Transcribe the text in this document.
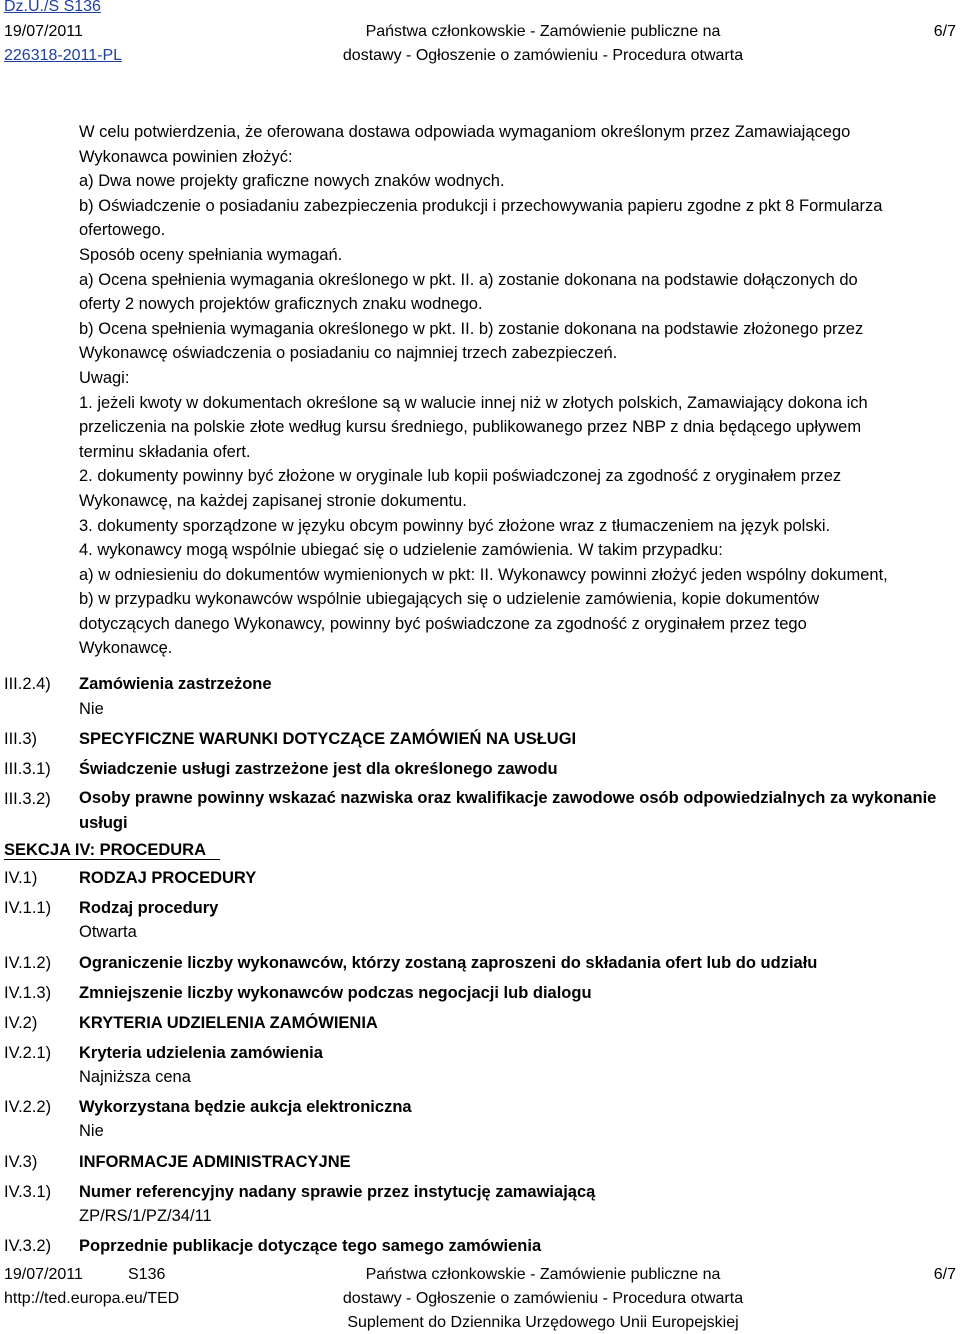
Dz.U./S S136
19/07/2011
226318-2011-PL
Państwa członkowskie - Zamówienie publiczne na
dostawy - Ogłoszenie o zamówieniu - Procedura otwarta
6/7
W celu potwierdzenia, że oferowana dostawa odpowiada wymaganiom określonym przez Zamawiającego
Wykonawca powinien złożyć:
a) Dwa nowe projekty graficzne nowych znaków wodnych.
b) Oświadczenie o posiadaniu zabezpieczenia produkcji i przechowywania papieru zgodne z pkt 8 Formularza
ofertowego.
Sposób oceny spełniania wymagań.
a) Ocena spełnienia wymagania określonego w pkt. II. a) zostanie dokonana na podstawie dołączonych do
oferty 2 nowych projektów graficznych znaku wodnego.
b) Ocena spełnienia wymagania określonego w pkt. II. b) zostanie dokonana na podstawie złożonego przez
Wykonawcę oświadczenia o posiadaniu co najmniej trzech zabezpieczeń.
Uwagi:
1. jeżeli kwoty w dokumentach określone są w walucie innej niż w złotych polskich, Zamawiający dokona ich
przeliczenia na polskie złote według kursu średniego, publikowanego przez NBP z dnia będącego upływem
terminu składania ofert.
2. dokumenty powinny być złożone w oryginale lub kopii poświadczonej za zgodność z oryginałem przez
Wykonawcę, na każdej zapisanej stronie dokumentu.
3. dokumenty sporządzone w języku obcym powinny być złożone wraz z tłumaczeniem na język polski.
4. wykonawcy mogą wspólnie ubiegać się o udzielenie zamówienia. W takim przypadku:
a) w odniesieniu do dokumentów wymienionych w pkt: II. Wykonawcy powinni złożyć jeden wspólny dokument,
b) w przypadku wykonawców wspólnie ubiegających się o udzielenie zamówienia, kopie dokumentów
dotyczących danego Wykonawcy, powinny być poświadczone za zgodność z oryginałem przez tego
Wykonawcę.
III.2.4) Zamówienia zastrzeżone
Nie
III.3)	SPECYFICZNE WARUNKI DOTYCZĄCE ZAMÓWIEŃ NA USŁUGI
III.3.1) Świadczenie usługi zastrzeżone jest dla określonego zawodu
III.3.2) Osoby prawne powinny wskazać nazwiska oraz kwalifikacje zawodowe osób odpowiedzialnych za wykonanie usługi
SEKCJA IV: PROCEDURA
IV.1)	RODZAJ PROCEDURY
IV.1.1) Rodzaj procedury
Otwarta
IV.1.2) Ograniczenie liczby wykonawców, którzy zostaną zaproszeni do składania ofert lub do udziału
IV.1.3) Zmniejszenie liczby wykonawców podczas negocjacji lub dialogu
IV.2)	KRYTERIA UDZIELENIA ZAMÓWIENIA
IV.2.1) Kryteria udzielenia zamówienia
Najniższa cena
IV.2.2) Wykorzystana będzie aukcja elektroniczna
Nie
IV.3)	INFORMACJE ADMINISTRACYJNE
IV.3.1) Numer referencyjny nadany sprawie przez instytucję zamawiającą
ZP/RS/1/PZ/34/11
IV.3.2) Poprzednie publikacje dotyczące tego samego zamówienia
19/07/2011	S136
http://ted.europa.eu/TED
Państwa członkowskie - Zamówienie publiczne na
dostawy - Ogłoszenie o zamówieniu - Procedura otwarta
Suplement do Dziennika Urzędowego Unii Europejskiej
6/7
